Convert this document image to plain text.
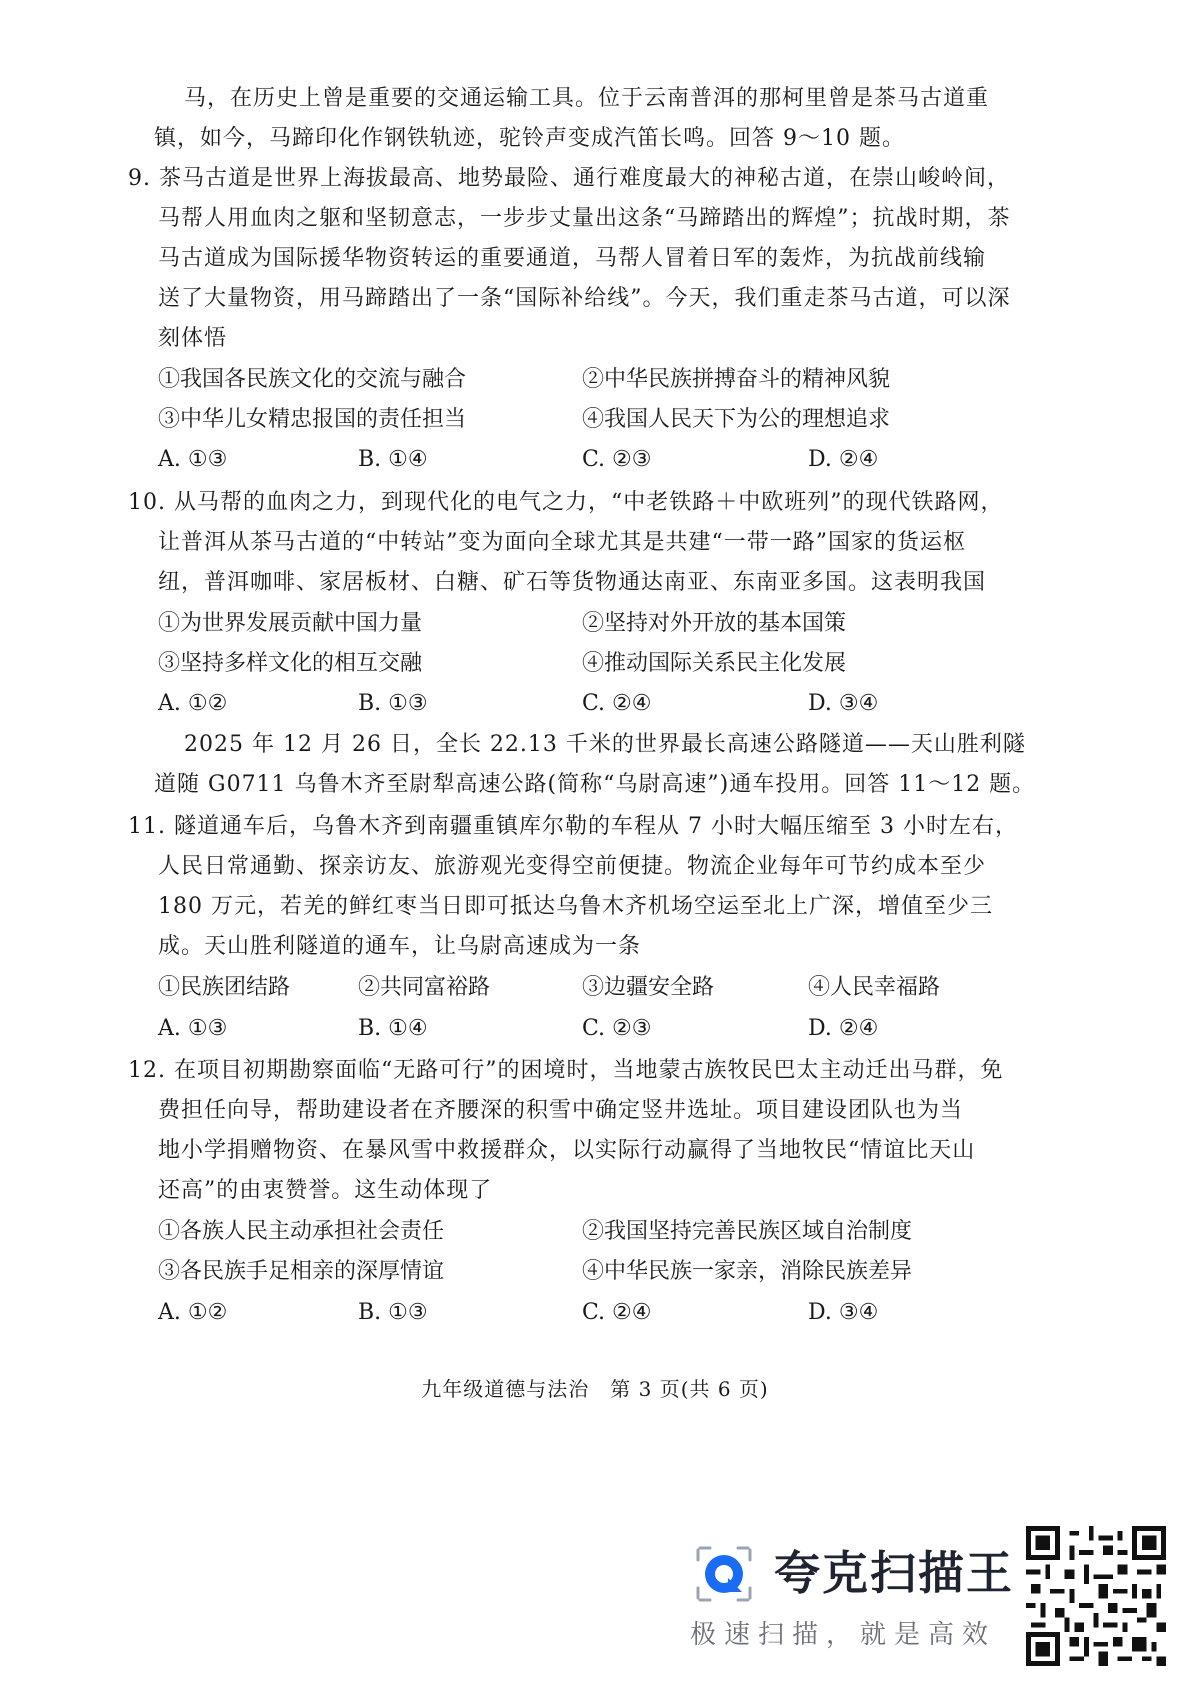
马，在历史上曾是重要的交通运输工具。位于云南普洱的那柯里曾是茶马古道重
镇，如今，马蹄印化作钢铁轨迹，驼铃声变成汽笛长鸣。回答 9～10 题。
9. 茶马古道是世界上海拔最高、地势最险、通行难度最大的神秘古道，在崇山峻岭间，
马帮人用血肉之躯和坚韧意志，一步步丈量出这条“马蹄踏出的辉煌”；抗战时期，茶
马古道成为国际援华物资转运的重要通道，马帮人冒着日军的轰炸，为抗战前线输
送了大量物资，用马蹄踏出了一条“国际补给线”。今天，我们重走茶马古道，可以深
刻体悟
①我国各民族文化的交流与融合	②中华民族拼搏奋斗的精神风貌
③中华儿女精忠报国的责任担当	④我国人民天下为公的理想追求
A. ①③	B. ①④	C. ②③	D. ②④
10. 从马帮的血肉之力，到现代化的电气之力，“中老铁路＋中欧班列”的现代铁路网，
让普洱从茶马古道的“中转站”变为面向全球尤其是共建“一带一路”国家的货运枢
纽，普洱咖啡、家居板材、白糖、矿石等货物通达南亚、东南亚多国。这表明我国
①为世界发展贡献中国力量	②坚持对外开放的基本国策
③坚持多样文化的相互交融	④推动国际关系民主化发展
A. ①②	B. ①③	C. ②④	D. ③④
2025 年 12 月 26 日，全长 22.13 千米的世界最长高速公路隧道——天山胜利隧
道随 G0711 乌鲁木齐至尉犁高速公路(简称“乌尉高速”)通车投用。回答 11～12 题。
11. 隧道通车后，乌鲁木齐到南疆重镇库尔勒的车程从 7 小时大幅压缩至 3 小时左右，
人民日常通勤、探亲访友、旅游观光变得空前便捷。物流企业每年可节约成本至少
180 万元，若羌的鲜红枣当日即可抵达乌鲁木齐机场空运至北上广深，增值至少三
成。天山胜利隧道的通车，让乌尉高速成为一条
①民族团结路	②共同富裕路	③边疆安全路	④人民幸福路
A. ①③	B. ①④	C. ②③	D. ②④
12. 在项目初期勘察面临“无路可行”的困境时，当地蒙古族牧民巴太主动迁出马群，免
费担任向导，帮助建设者在齐腰深的积雪中确定竖井选址。项目建设团队也为当
地小学捐赠物资、在暴风雪中救援群众，以实际行动赢得了当地牧民“情谊比天山
还高”的由衷赞誉。这生动体现了
①各族人民主动承担社会责任	②我国坚持完善民族区域自治制度
③各民族手足相亲的深厚情谊	④中华民族一家亲，消除民族差异
A. ①②	B. ①③	C. ②④	D. ③④
九年级道德与法治　第 3 页(共 6 页)
夸克扫描王
极速扫描，就是高效
